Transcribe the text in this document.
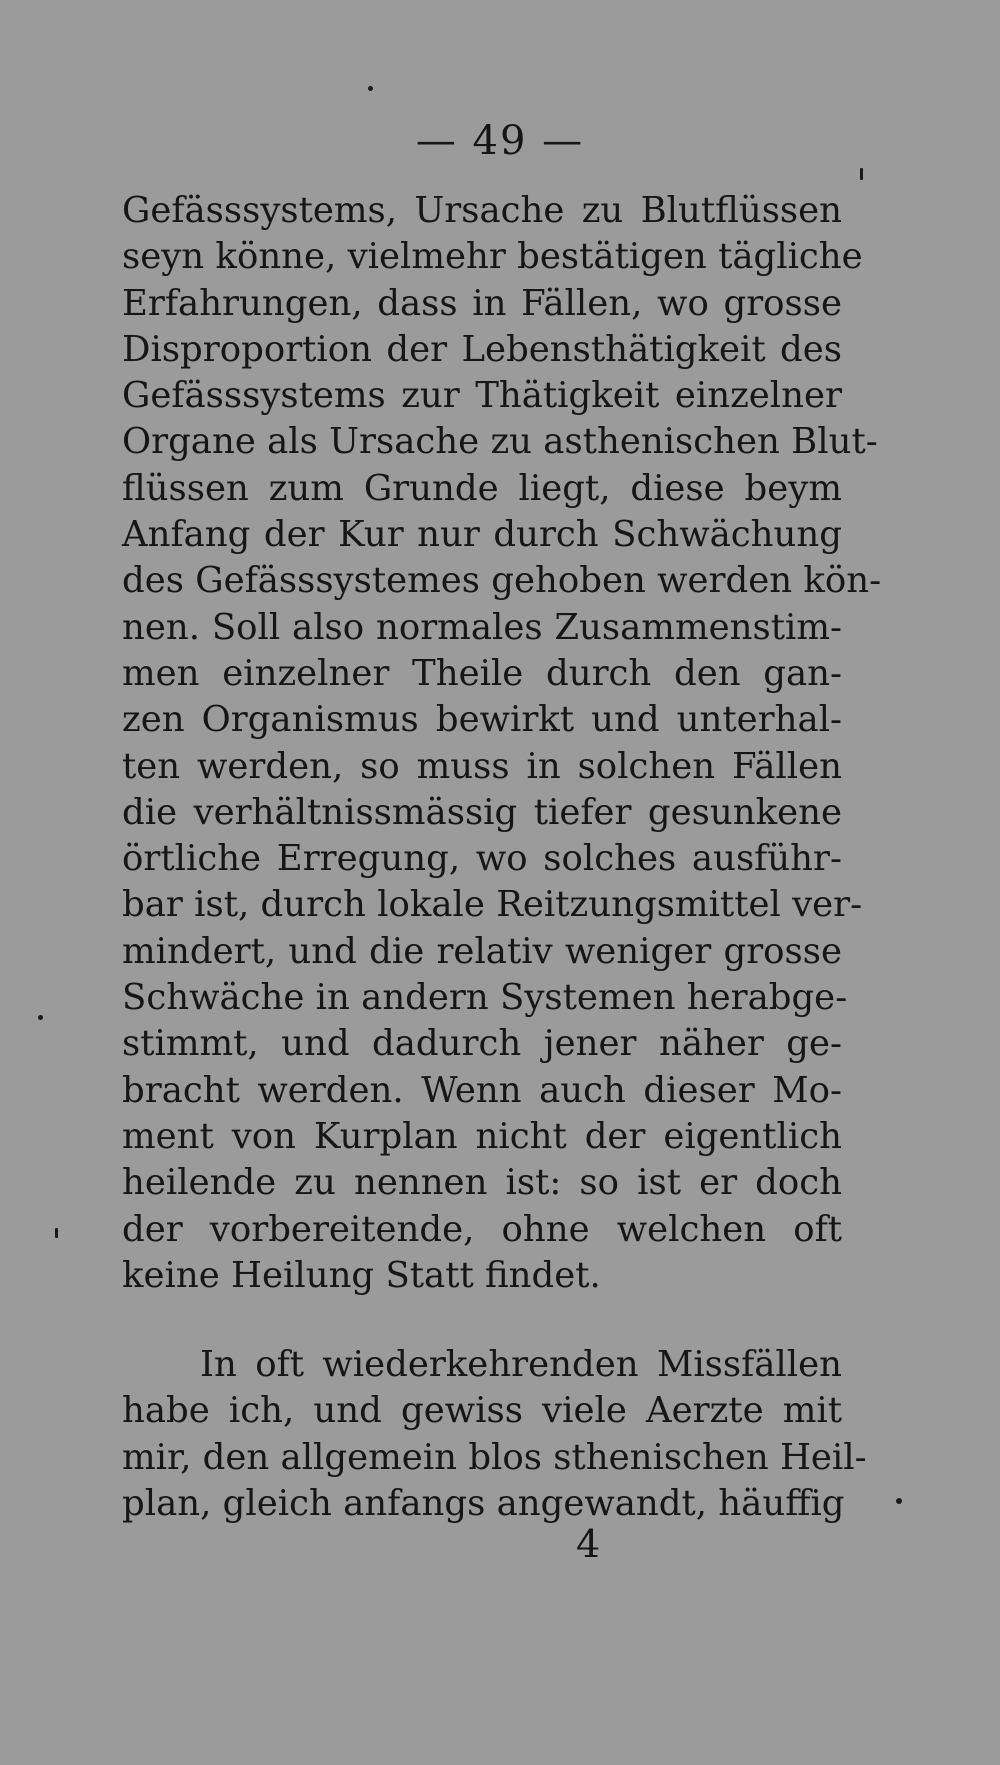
— 49 —
Gefässsystems, Ursache zu Blutflüssen
seyn könne, vielmehr bestätigen tägliche
Erfahrungen, dass in Fällen, wo grosse
Disproportion der Lebensthätigkeit des
Gefässsystems zur Thätigkeit einzelner
Organe als Ursache zu asthenischen Blut-
flüssen zum Grunde liegt, diese beym
Anfang der Kur nur durch Schwächung
des Gefässsystemes gehoben werden kön-
nen. Soll also normales Zusammenstim-
men einzelner Theile durch den gan-
zen Organismus bewirkt und unterhal-
ten werden, so muss in solchen Fällen
die verhältnissmässig tiefer gesunkene
örtliche Erregung, wo solches ausführ-
bar ist, durch lokale Reitzungsmittel ver-
mindert, und die relativ weniger grosse
Schwäche in andern Systemen herabge-
stimmt, und dadurch jener näher ge-
bracht werden. Wenn auch dieser Mo-
ment von Kurplan nicht der eigentlich
heilende zu nennen ist: so ist er doch
der vorbereitende, ohne welchen oft
keine Heilung Statt findet.
In oft wiederkehrenden Missfällen
habe ich, und gewiss viele Aerzte mit
mir, den allgemein blos sthenischen Heil-
plan, gleich anfangs angewandt, häuffig
4
